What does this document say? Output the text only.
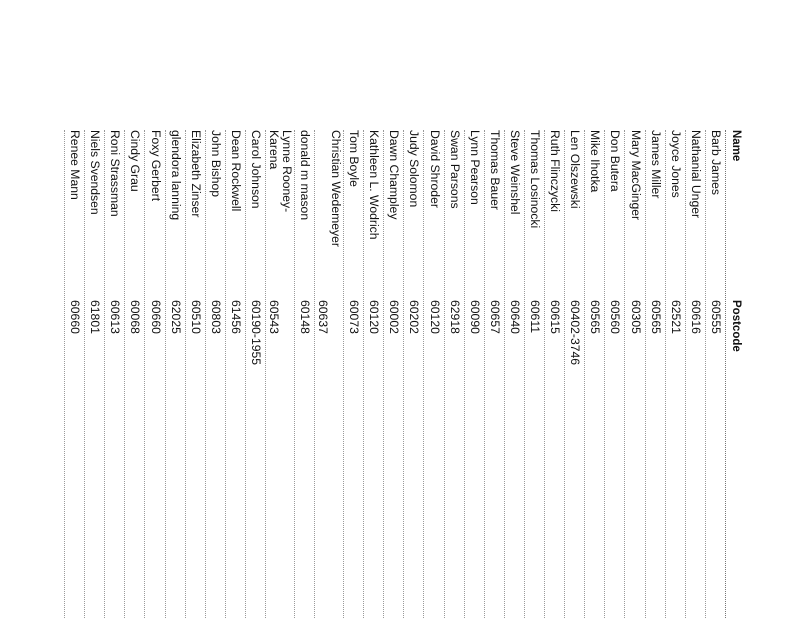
Name
Postcode
Barb James
60555
Nathanial Unger
60616
Joyce Jones
62521
James Miller
60565
Mary MacGinger
60305
Don Butera
60560
Mike Ihotka
60565
Len Olszewski
60402-3746
Ruth Flinczycki
60615
Thomas Losinocki
60611
Steve Weinshel
60640
Thomas Bauer
60657
Lynn Pearson
60090
Swan Parsons
62918
David Shroder
60120
Judy Solomon
60202
Dawn Champley
60002
Kathleen L. Wodrich
60120
Tom Boyle
60073
Christian Wedemeyer
60637
donald m mason
60148
Lynne Rooney-Karena
60543
Carol Johnson
60190-1955
Dean Rockwell
61456
John Bishop
60803
Elizabeth Zinser
60510
glendora lanning
62025
Foxy Gerbert
60660
Cindy Grau
60068
Roni Strassman
60613
Niels Svendsen
61801
Renee Mann
60660
